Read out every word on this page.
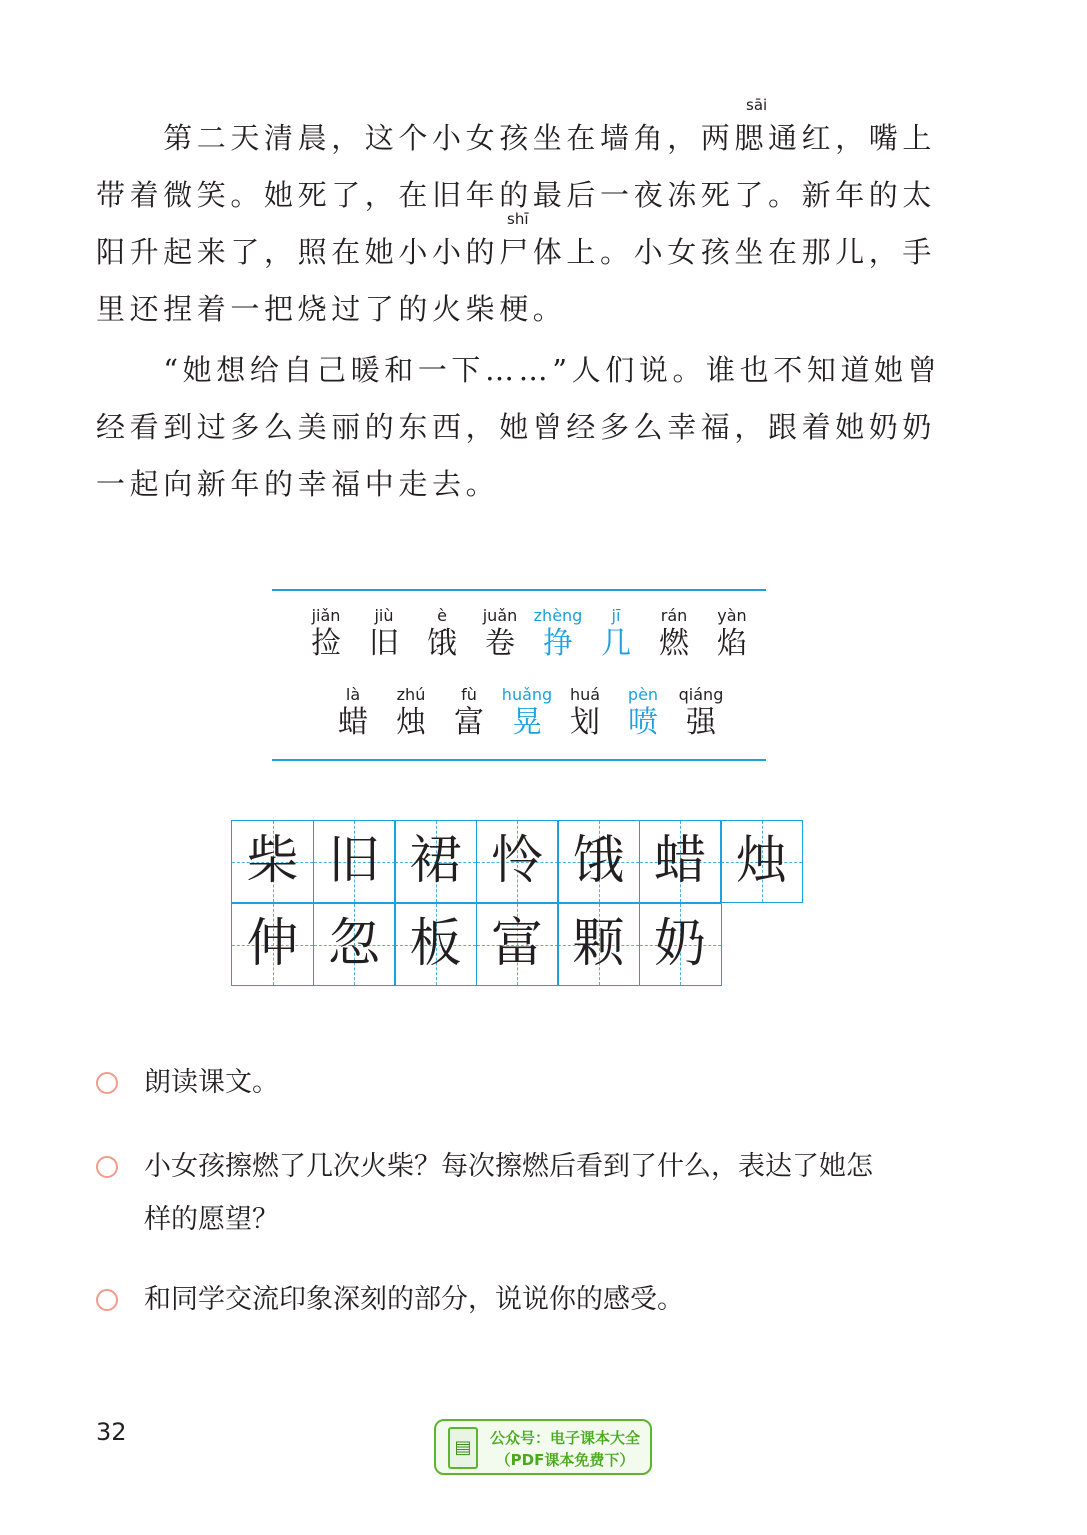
　　第二天清晨，这个小女孩坐在墙角，两腮通红，嘴上
带着微笑。她死了，在旧年的最后一夜冻死了。新年的太
阳升起来了，照在她小小的尸体上。小女孩坐在那儿，手
里还捏着一把烧过了的火柴梗。
sāi
shī
　　“她想给自己暖和一下……”人们说。谁也不知道她曾
经看到过多么美丽的东西，她曾经多么幸福，跟着她奶奶
一起向新年的幸福中走去。
jiǎn
捡
jiù
旧
è
饿
juǎn
卷
zhèng
挣
jī
几
rán
燃
yàn
焰
là
蜡
zhú
烛
fù
富
huǎng
晃
huá
划
pèn
喷
qiáng
强
柴 旧 裙 怜 饿 蜡 烛
伸 忽 板 富 颗 奶
朗读课文。
小女孩擦燃了几次火柴？每次擦燃后看到了什么，表达了她怎
样的愿望？
和同学交流印象深刻的部分，说说你的感受。
32
▤	公众号：电子课本大全
（PDF课本免费下）
